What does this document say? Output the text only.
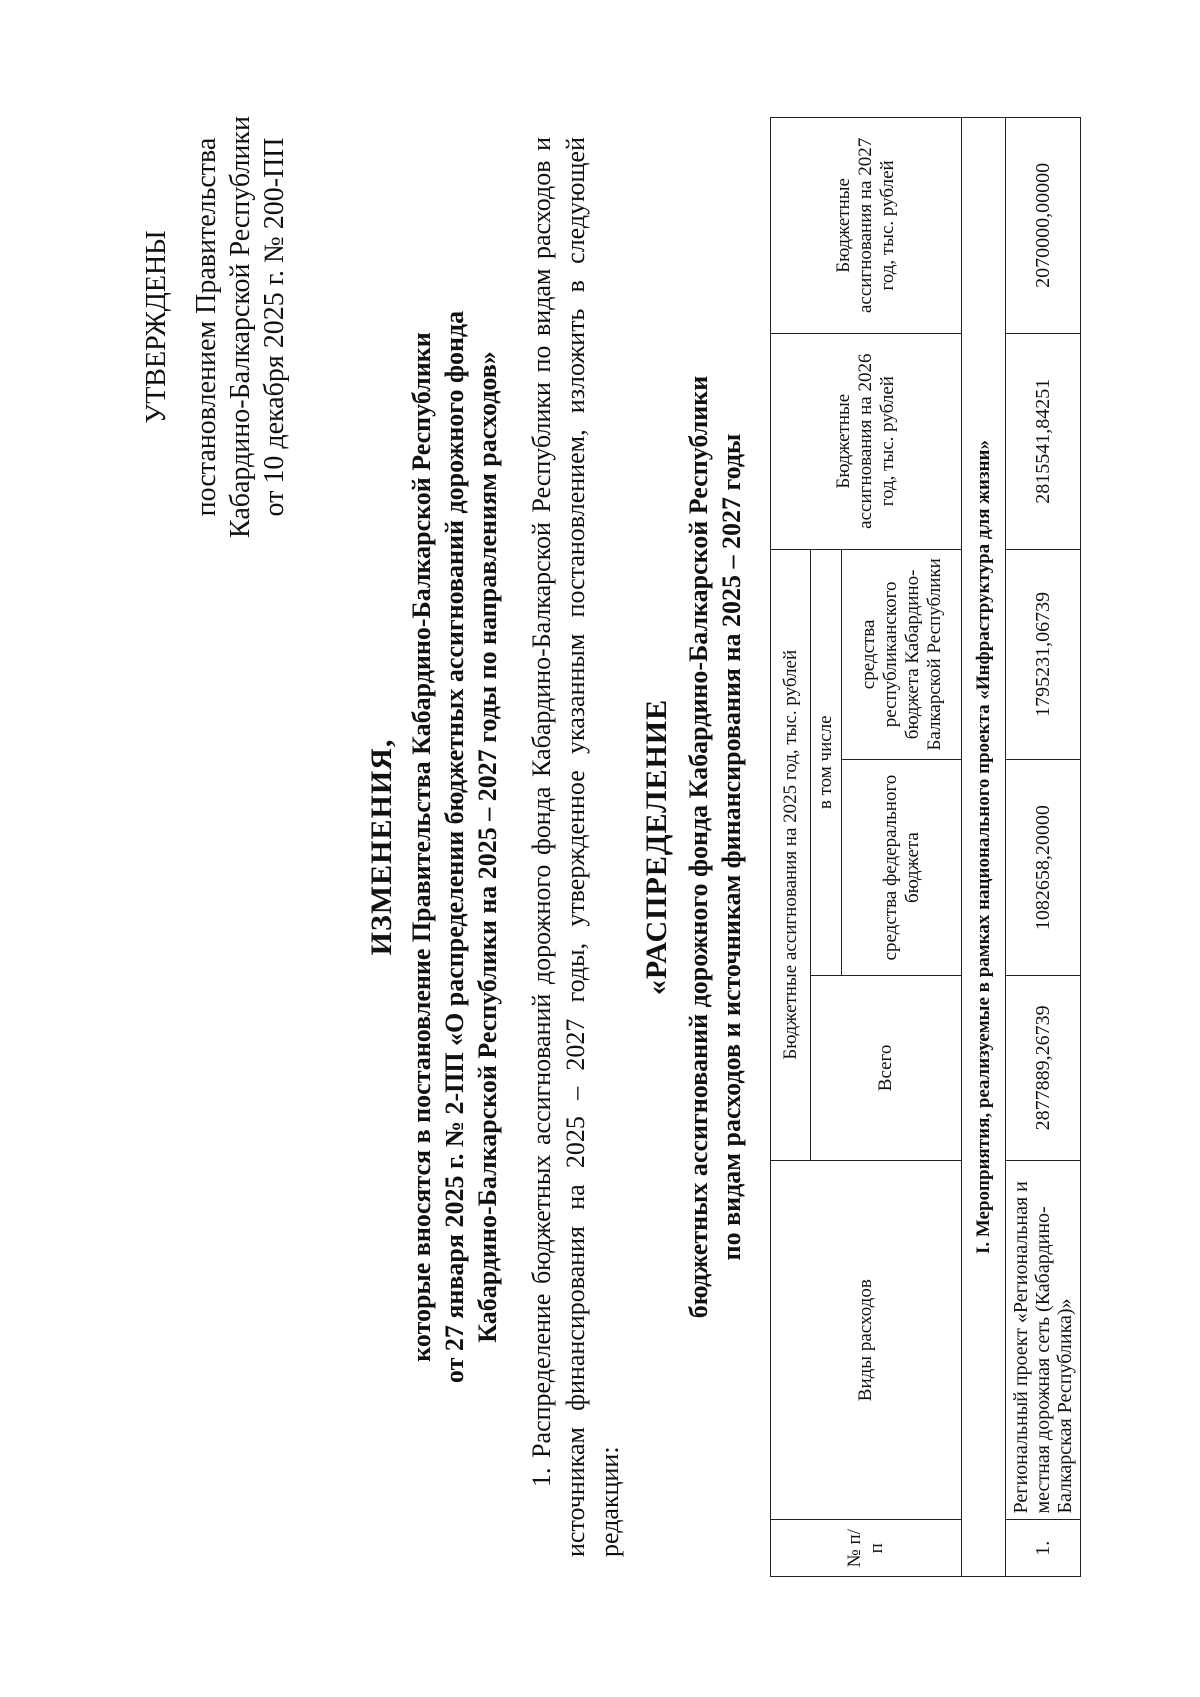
УТВЕРЖДЕНЫ постановлением Правительства Кабардино-Балкарской Республики от 10 декабря 2025 г. № 200-ПП
ИЗМЕНЕНИЯ, которые вносятся в постановление Правительства Кабардино-Балкарской Республики от 27 января 2025 г. № 2-ПП «О распределении бюджетных ассигнований дорожного фонда Кабардино-Балкарской Республики на 2025 – 2027 годы по направлениям расходов» 1. Распределение бюджетных ассигнований дорожного фонда Кабардино-Балкарской Республики по видам расходов и источникам финансирования на 2025 – 2027 годы, утвержденное указанным постановлением, изложить в следующей редакции:

«РАСПРЕДЕЛЕНИЕ бюджетных ассигнований дорожного фонда Кабардино-Балкарской Республики по видам расходов и источникам финансирования на 2025 – 2027 годы
№ п/п	Виды расходов	Бюджетные ассигнования на 2025 год, тыс. рублей			Бюджетные ассигнования на 2026 год, тыс. рублей	Бюджетные ассигнования на 2027 год, тыс. рублей
		Всего	в том числе			
			средства федерального бюджета	средства республиканского бюджета Кабардино-Балкарской Республики		
I. Мероприятия, реализуемые в рамках национального проекта «Инфраструктура для жизни»						
1.	Региональный проект «Региональная и местная дорожная сеть (Кабардино-Балкарская Республика)»	2877889,26739	1082658,20000	1795231,06739	2815541,84251	2070000,00000
